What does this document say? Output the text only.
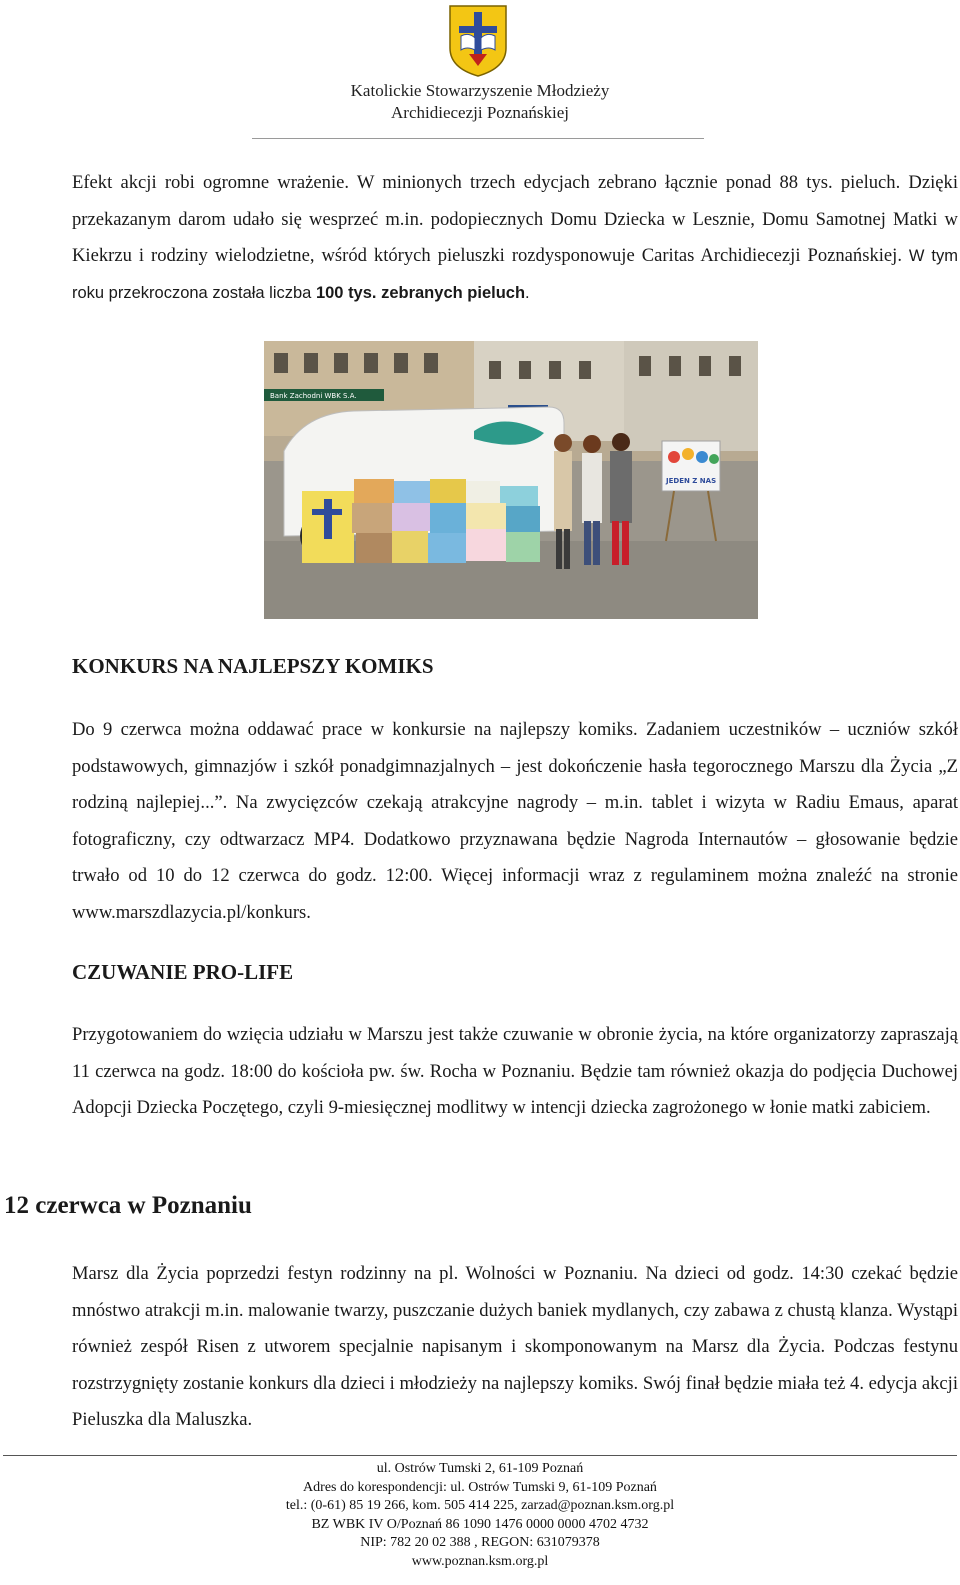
Katolickie Stowarzyszenie Młodzieży
Archidiecezji Poznańskiej

Efekt akcji robi ogromne wrażenie. W minionych trzech edycjach zebrano łącznie ponad 88 tys. pieluch. Dzięki przekazanym darom udało się wesprzeć m.in. podopiecznych Domu Dziecka w Lesznie, Domu Samotnej Matki w Kiekrzu i rodziny wielodzietne, wśród których pieluszki rozdysponowuje Caritas Archidiecezji Poznańskiej. W tym roku przekroczona została liczba 100 tys. zebranych pieluch.

Bank Zachodni WBK S.A.
JEDEN Z NAS
KONKURS NA NAJLEPSZY KOMIKS

Do 9 czerwca można oddawać prace w konkursie na najlepszy komiks. Zadaniem uczestników – uczniów szkół podstawowych, gimnazjów i szkół ponadgimnazjalnych – jest dokończenie hasła tegorocznego Marszu dla Życia „Z rodziną najlepiej...”. Na zwycięzców czekają atrakcyjne nagrody – m.in. tablet i wizyta w Radiu Emaus, aparat fotograficzny, czy odtwarzacz MP4. Dodatkowo przyznawana będzie Nagroda Internautów – głosowanie będzie trwało od 10 do 12 czerwca do godz. 12:00. Więcej informacji wraz z regulaminem można znaleźć na stronie www.marszdlazycia.pl/konkurs.

CZUWANIE PRO-LIFE

Przygotowaniem do wzięcia udziału w Marszu jest także czuwanie w obronie życia, na które organizatorzy zapraszają 11 czerwca na godz. 18:00 do kościoła pw. św. Rocha w Poznaniu. Będzie tam również okazja do podjęcia Duchowej Adopcji Dziecka Poczętego, czyli 9-miesięcznej modlitwy w intencji dziecka zagrożonego w łonie matki zabiciem.

12 czerwca w Poznaniu

Marsz dla Życia poprzedzi festyn rodzinny na pl. Wolności w Poznaniu. Na dzieci od godz. 14:30 czekać będzie mnóstwo atrakcji m.in. malowanie twarzy, puszczanie dużych baniek mydlanych, czy zabawa z chustą klanza. Wystąpi również zespół Risen z utworem specjalnie napisanym i skomponowanym na Marsz dla Życia. Podczas festynu rozstrzygnięty zostanie konkurs dla dzieci i młodzieży na najlepszy komiks. Swój finał będzie miała też 4. edycja akcji Pieluszka dla Maluszka.

ul. Ostrów Tumski 2, 61-109 Poznań
Adres do korespondencji: ul. Ostrów Tumski 9, 61-109 Poznań
tel.: (0-61) 85 19 266, kom. 505 414 225, zarzad@poznan.ksm.org.pl
BZ WBK IV O/Poznań 86 1090 1476 0000 0000 4702 4732
NIP: 782 20 02 388 , REGON: 631079378
www.poznan.ksm.org.pl
